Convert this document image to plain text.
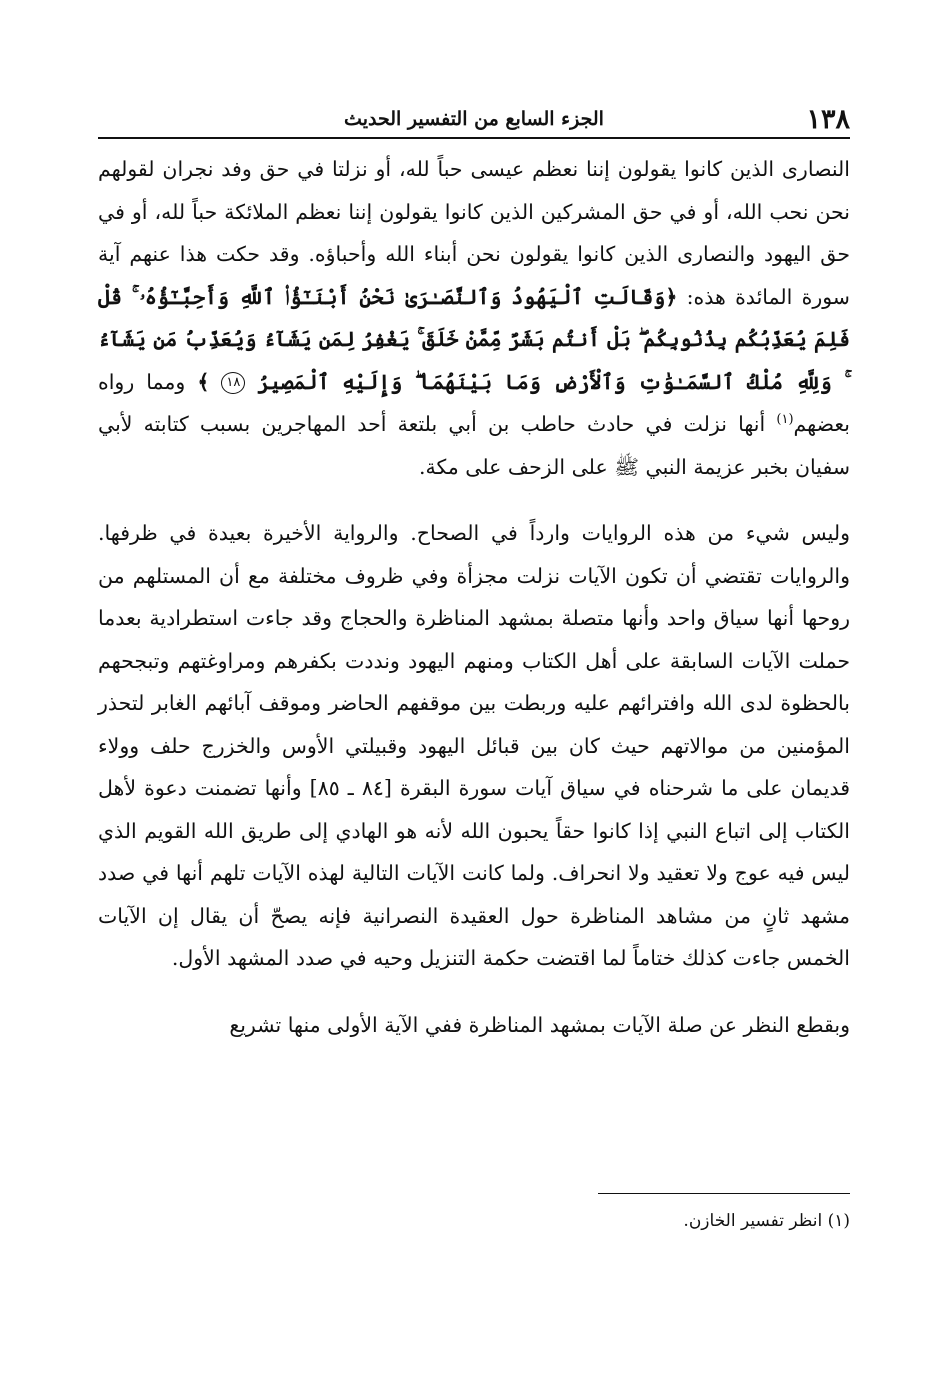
١٣٨
الجزء السابع من التفسير الحديث

النصارى الذين كانوا يقولون إننا نعظم عيسى حباً لله، أو نزلتا في حق وفد نجران لقولهم نحن نحب الله، أو في حق المشركين الذين كانوا يقولون إننا نعظم الملائكة حباً لله، أو في حق اليهود والنصارى الذين كانوا يقولون نحن أبناء الله وأحباؤه. وقد حكت هذا عنهم آية سورة المائدة هذه: ﴿وَقَالَتِ ٱلْيَهُودُ وَٱلنَّصَـٰرَىٰ نَحْنُ أَبْنَـٰٓؤُا۟ ٱللَّهِ وَأَحِبَّـٰٓؤُهُۥ ۚ قُلْ فَلِمَ يُعَذِّبُكُم بِذُنُوبِكُم ۖ بَلْ أَنتُم بَشَرٌ مِّمَّنْ خَلَقَ ۚ يَغْفِرُ لِمَن يَشَآءُ وَيُعَذِّبُ مَن يَشَآءُ ۚ وَلِلَّهِ مُلْكُ ٱلسَّمَـٰوَٰتِ وَٱلْأَرْضِ وَمَا بَيْنَهُمَا ۖ وَإِلَيْهِ ٱلْمَصِيرُ ١٨ ﴾ ومما رواه بعضهم$^{(١)}$ أنها نزلت في حادث حاطب بن أبي بلتعة أحد المهاجرين بسبب كتابته لأبي سفيان بخبر عزيمة النبي ﷺ على الزحف على مكة.

وليس شيء من هذه الروايات وارداً في الصحاح. والرواية الأخيرة بعيدة في ظرفها. والروايات تقتضي أن تكون الآيات نزلت مجزأة وفي ظروف مختلفة مع أن المستلهم من روحها أنها سياق واحد وأنها متصلة بمشهد المناظرة والحجاج وقد جاءت استطرادية بعدما حملت الآيات السابقة على أهل الكتاب ومنهم اليهود ونددت بكفرهم ومراوغتهم وتبجحهم بالحظوة لدى الله وافترائهم عليه وربطت بين موقفهم الحاضر وموقف آبائهم الغابر لتحذر المؤمنين من موالاتهم حيث كان بين قبائل اليهود وقبيلتي الأوس والخزرج حلف وولاء قديمان على ما شرحناه في سياق آيات سورة البقرة [٨٤ ـ ٨٥] وأنها تضمنت دعوة لأهل الكتاب إلى اتباع النبي إذا كانوا حقاً يحبون الله لأنه هو الهادي إلى طريق الله القويم الذي ليس فيه عوج ولا تعقيد ولا انحراف. ولما كانت الآيات التالية لهذه الآيات تلهم أنها في صدد مشهد ثانٍ من مشاهد المناظرة حول العقيدة النصرانية فإنه يصحّ أن يقال إن الآيات الخمس جاءت كذلك ختاماً لما اقتضت حكمة التنزيل وحيه في صدد المشهد الأول.

وبقطع النظر عن صلة الآيات بمشهد المناظرة ففي الآية الأولى منها تشريع

(١) انظر تفسير الخازن.
